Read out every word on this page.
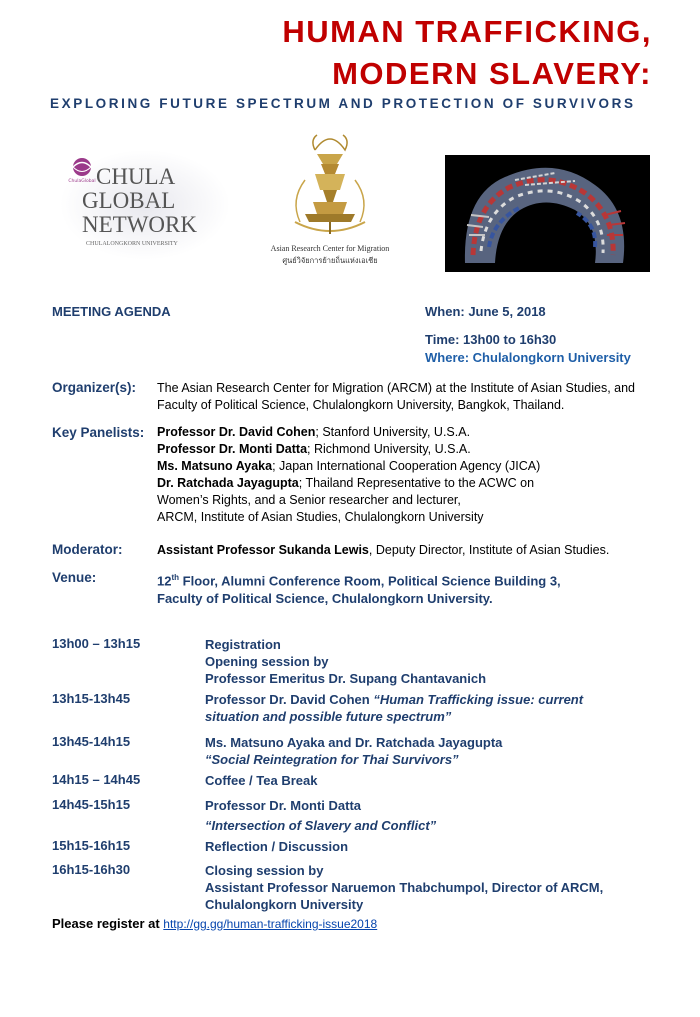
HUMAN TRAFFICKING,
MODERN SLAVERY:
EXPLORING FUTURE SPECTRUM AND PROTECTION OF SURVIVORS
ChulaGlobal CHULA
GLOBAL
NETWORK
CHULALONGKORN UNIVERSITY	Asian Research Center for Migration
ศูนย์วิจัยการย้ายถิ่นแห่งเอเชีย
MEETING AGENDA	When: June 5, 2018
Time: 13h00 to 16h30
Where: Chulalongkorn University
Organizer(s): The Asian Research Center for Migration (ARCM) at the Institute of Asian Studies, and
Faculty of Political Science, Chulalongkorn University, Bangkok, Thailand.
Key Panelists: Professor Dr. David Cohen; Stanford University, U.S.A.
Professor Dr. Monti Datta; Richmond University, U.S.A.
Ms. Matsuno Ayaka; Japan International Cooperation Agency (JICA)
Dr. Ratchada Jayagupta; Thailand Representative to the ACWC on
Women’s Rights, and a Senior researcher and lecturer,
ARCM, Institute of Asian Studies, Chulalongkorn University
Moderator:	Assistant Professor Sukanda Lewis, Deputy Director, Institute of Asian Studies.
Venue:	12th Floor, Alumni Conference Room, Political Science Building 3,
Faculty of Political Science, Chulalongkorn University.
13h00 – 13h15	Registration
Opening session by
Professor Emeritus Dr. Supang Chantavanich
13h15-13h45	Professor Dr. David Cohen “Human Trafficking issue: current
situation and possible future spectrum”
13h45-14h15	Ms. Matsuno Ayaka and Dr. Ratchada Jayagupta
“Social Reintegration for Thai Survivors”
14h15 – 14h45	Coffee / Tea Break
14h45-15h15	Professor Dr. Monti Datta
“Intersection of Slavery and Conflict”
15h15-16h15	Reflection / Discussion
16h15-16h30	Closing session by
Assistant Professor Naruemon Thabchumpol, Director of ARCM,
Chulalongkorn University
Please register at http://gg.gg/human-trafficking-issue2018
